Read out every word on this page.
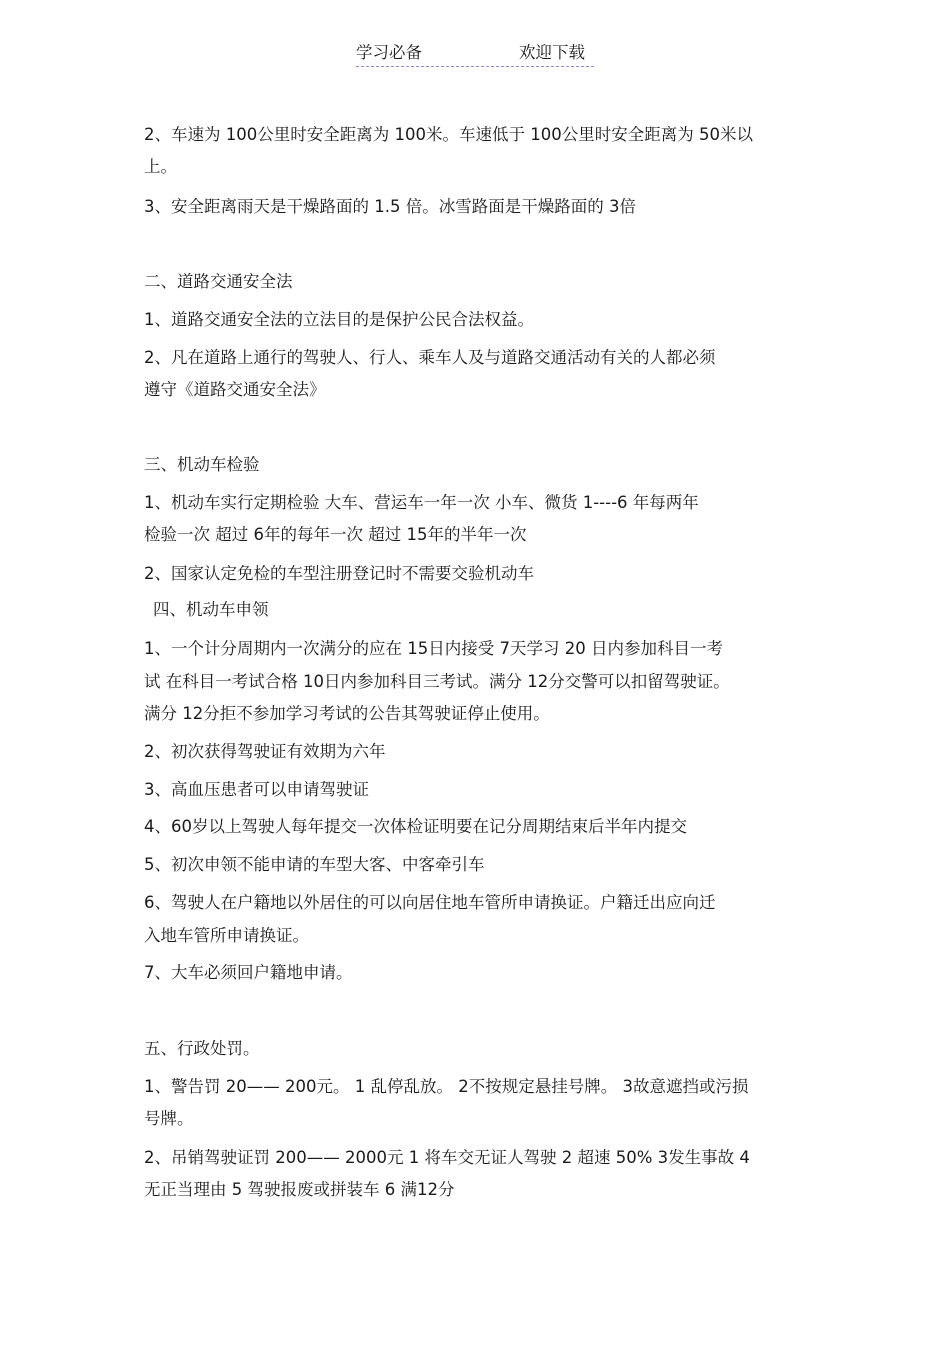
学习必备	欢迎下载
2、车速为 100公里时安全距离为 100米。车速低于 100公里时安全距离为 50米以
上。
3、安全距离雨天是干燥路面的 1.5 倍。冰雪路面是干燥路面的 3倍
二、道路交通安全法
1、道路交通安全法的立法目的是保护公民合法权益。
2、凡在道路上通行的驾驶人、行人、乘车人及与道路交通活动有关的人都必须
遵守《道路交通安全法》
三、机动车检验
1、机动车实行定期检验 大车、营运车一年一次 小车、微货 1----6 年每两年
检验一次 超过 6年的每年一次 超过 15年的半年一次
2、国家认定免检的车型注册登记时不需要交验机动车
四、机动车申领
1、一个计分周期内一次满分的应在 15日内接受 7天学习 20 日内参加科目一考
试 在科目一考试合格 10日内参加科目三考试。满分 12分交警可以扣留驾驶证。
满分 12分拒不参加学习考试的公告其驾驶证停止使用。
2、初次获得驾驶证有效期为六年
3、高血压患者可以申请驾驶证
4、60岁以上驾驶人每年提交一次体检证明要在记分周期结束后半年内提交
5、初次申领不能申请的车型大客、中客牵引车
6、驾驶人在户籍地以外居住的可以向居住地车管所申请换证。户籍迁出应向迁
入地车管所申请换证。
7、大车必须回户籍地申请。
五、行政处罚。
1、警告罚 20—— 200元。 1 乱停乱放。 2不按规定悬挂号牌。 3故意遮挡或污损
号牌。
2、吊销驾驶证罚 200—— 2000元 1 将车交无证人驾驶 2 超速 50% 3发生事故 4
无正当理由 5 驾驶报废或拼装车 6 满12分
